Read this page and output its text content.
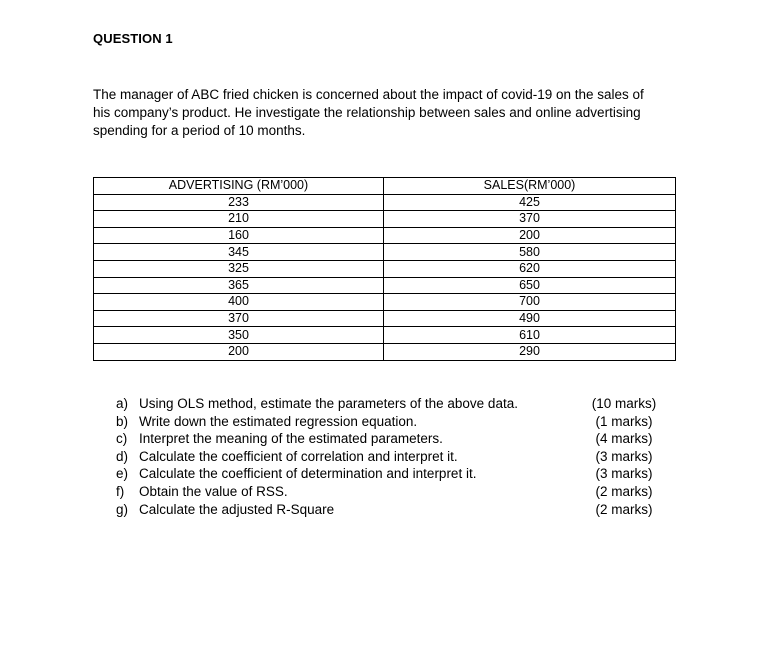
QUESTION 1
The manager of ABC fried chicken is concerned about the impact of covid-19 on the sales of
his company’s product. He investigate the relationship between sales and online advertising
spending for a period of 10 months.
ADVERTISING (RM’000)	SALES(RM’000)
233	425
210	370
160	200
345	580
325	620
365	650
400	700
370	490
350	610
200	290
a) Using OLS method, estimate the parameters of the above data.	(10 marks)
b) Write down the estimated regression equation.	(1 marks)
c) Interpret the meaning of the estimated parameters.	(4 marks)
d) Calculate the coefficient of correlation and interpret it.	(3 marks)
e) Calculate the coefficient of determination and interpret it.	(3 marks)
f) Obtain the value of RSS.	(2 marks)
g) Calculate the adjusted R-Square	(2 marks)
